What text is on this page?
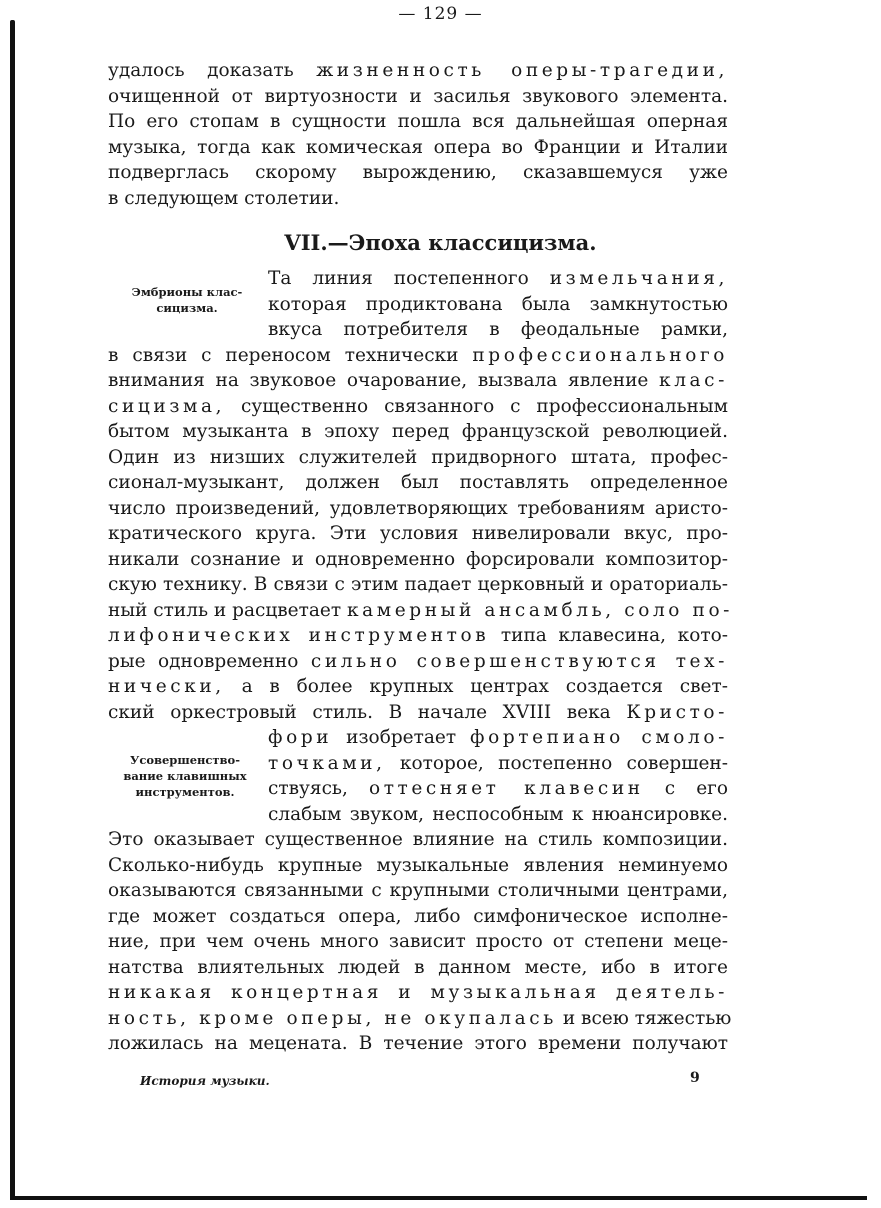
— 129 —
удалось доказать жизненность оперы-трагедии,
очищенной от виртуозности и засилья звукового элемента.
По его стопам в сущности пошла вся дальнейшая оперная
музыка, тогда как комическая опера во Франции и Италии
подверглась скорому вырождению, сказавшемуся уже
в следующем столетии.
VII.—Эпоха классицизма.
Эмбрионы клас-
сицизма.
Та линия постепенного измельчания,
которая продиктована была замкнутостью
вкуса потребителя в феодальные рамки,
в связи с переносом технически профессионального
внимания на звуковое очарование, вызвала явление клас-
сицизма, существенно связанного с профессиональным
бытом музыканта в эпоху перед французской революцией.
Один из низших служителей придворного штата, профес-
сионал-музыкант, должен был поставлять определенное
число произведений, удовлетворяющих требованиям аристо-
кратического круга. Эти условия нивелировали вкус, про-
никали сознание и одновременно форсировали композитор-
скую технику. В связи с этим падает церковный и ораториаль-
ный стиль и расцветает камерный ансамбль, соло по-
лифонических инструментов типа клавесина, кото-
рые одновременно сильно совершенствуются тех-
нически, а в более крупных центрах создается свет-
ский оркестровый стиль. В начале XVIII века Кристо-
фори изобретает фортепиано смоло-
точками, которое, постепенно совершен-
ствуясь, оттесняет клавесин с его
слабым звуком, неспособным к нюансировке.
Это оказывает существенное влияние на стиль композиции.
Сколько-нибудь крупные музыкальные явления неминуемо
оказываются связанными с крупными столичными центрами,
где может создаться опера, либо симфоническое исполне-
ние, при чем очень много зависит просто от степени меце-
натства влиятельных людей в данном месте, ибо в итоге
никакая концертная и музыкальная деятель-
ность, кроме оперы, не окупалась и всею тяжестью
ложилась на мецената. В течение этого времени получают
Усовершенство-
вание клавишных
инструментов.
История музыки.	9
